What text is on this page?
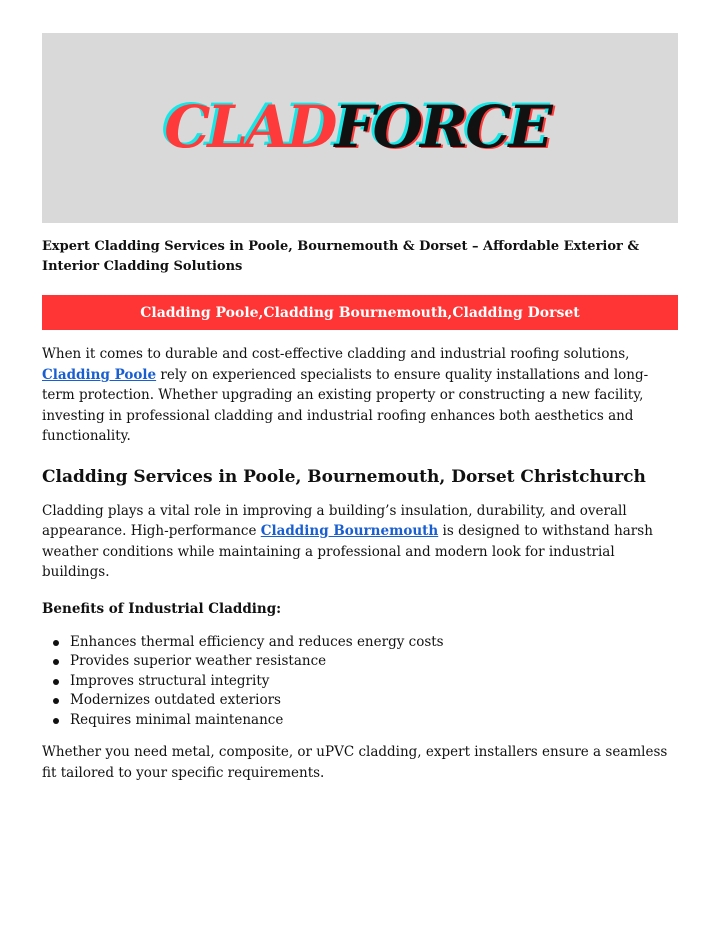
CLADFORCE
Expert Cladding Services in Poole, Bournemouth & Dorset – Affordable Exterior & Interior Cladding Solutions
Cladding Poole,Cladding Bournemouth,Cladding Dorset

When it comes to durable and cost-effective cladding and industrial roofing solutions, Cladding Poole rely on experienced specialists to ensure quality installations and long-term protection. Whether upgrading an existing property or constructing a new facility, investing in professional cladding and industrial roofing enhances both aesthetics and functionality.

Cladding Services in Poole, Bournemouth, Dorset Christchurch

Cladding plays a vital role in improving a building’s insulation, durability, and overall appearance. High-performance Cladding Bournemouth is designed to withstand harsh weather conditions while maintaining a professional and modern look for industrial buildings.

Benefits of Industrial Cladding:
Enhances thermal efficiency and reduces energy costs
Provides superior weather resistance
Improves structural integrity
Modernizes outdated exteriors
Requires minimal maintenance

Whether you need metal, composite, or uPVC cladding, expert installers ensure a seamless fit tailored to your specific requirements.
